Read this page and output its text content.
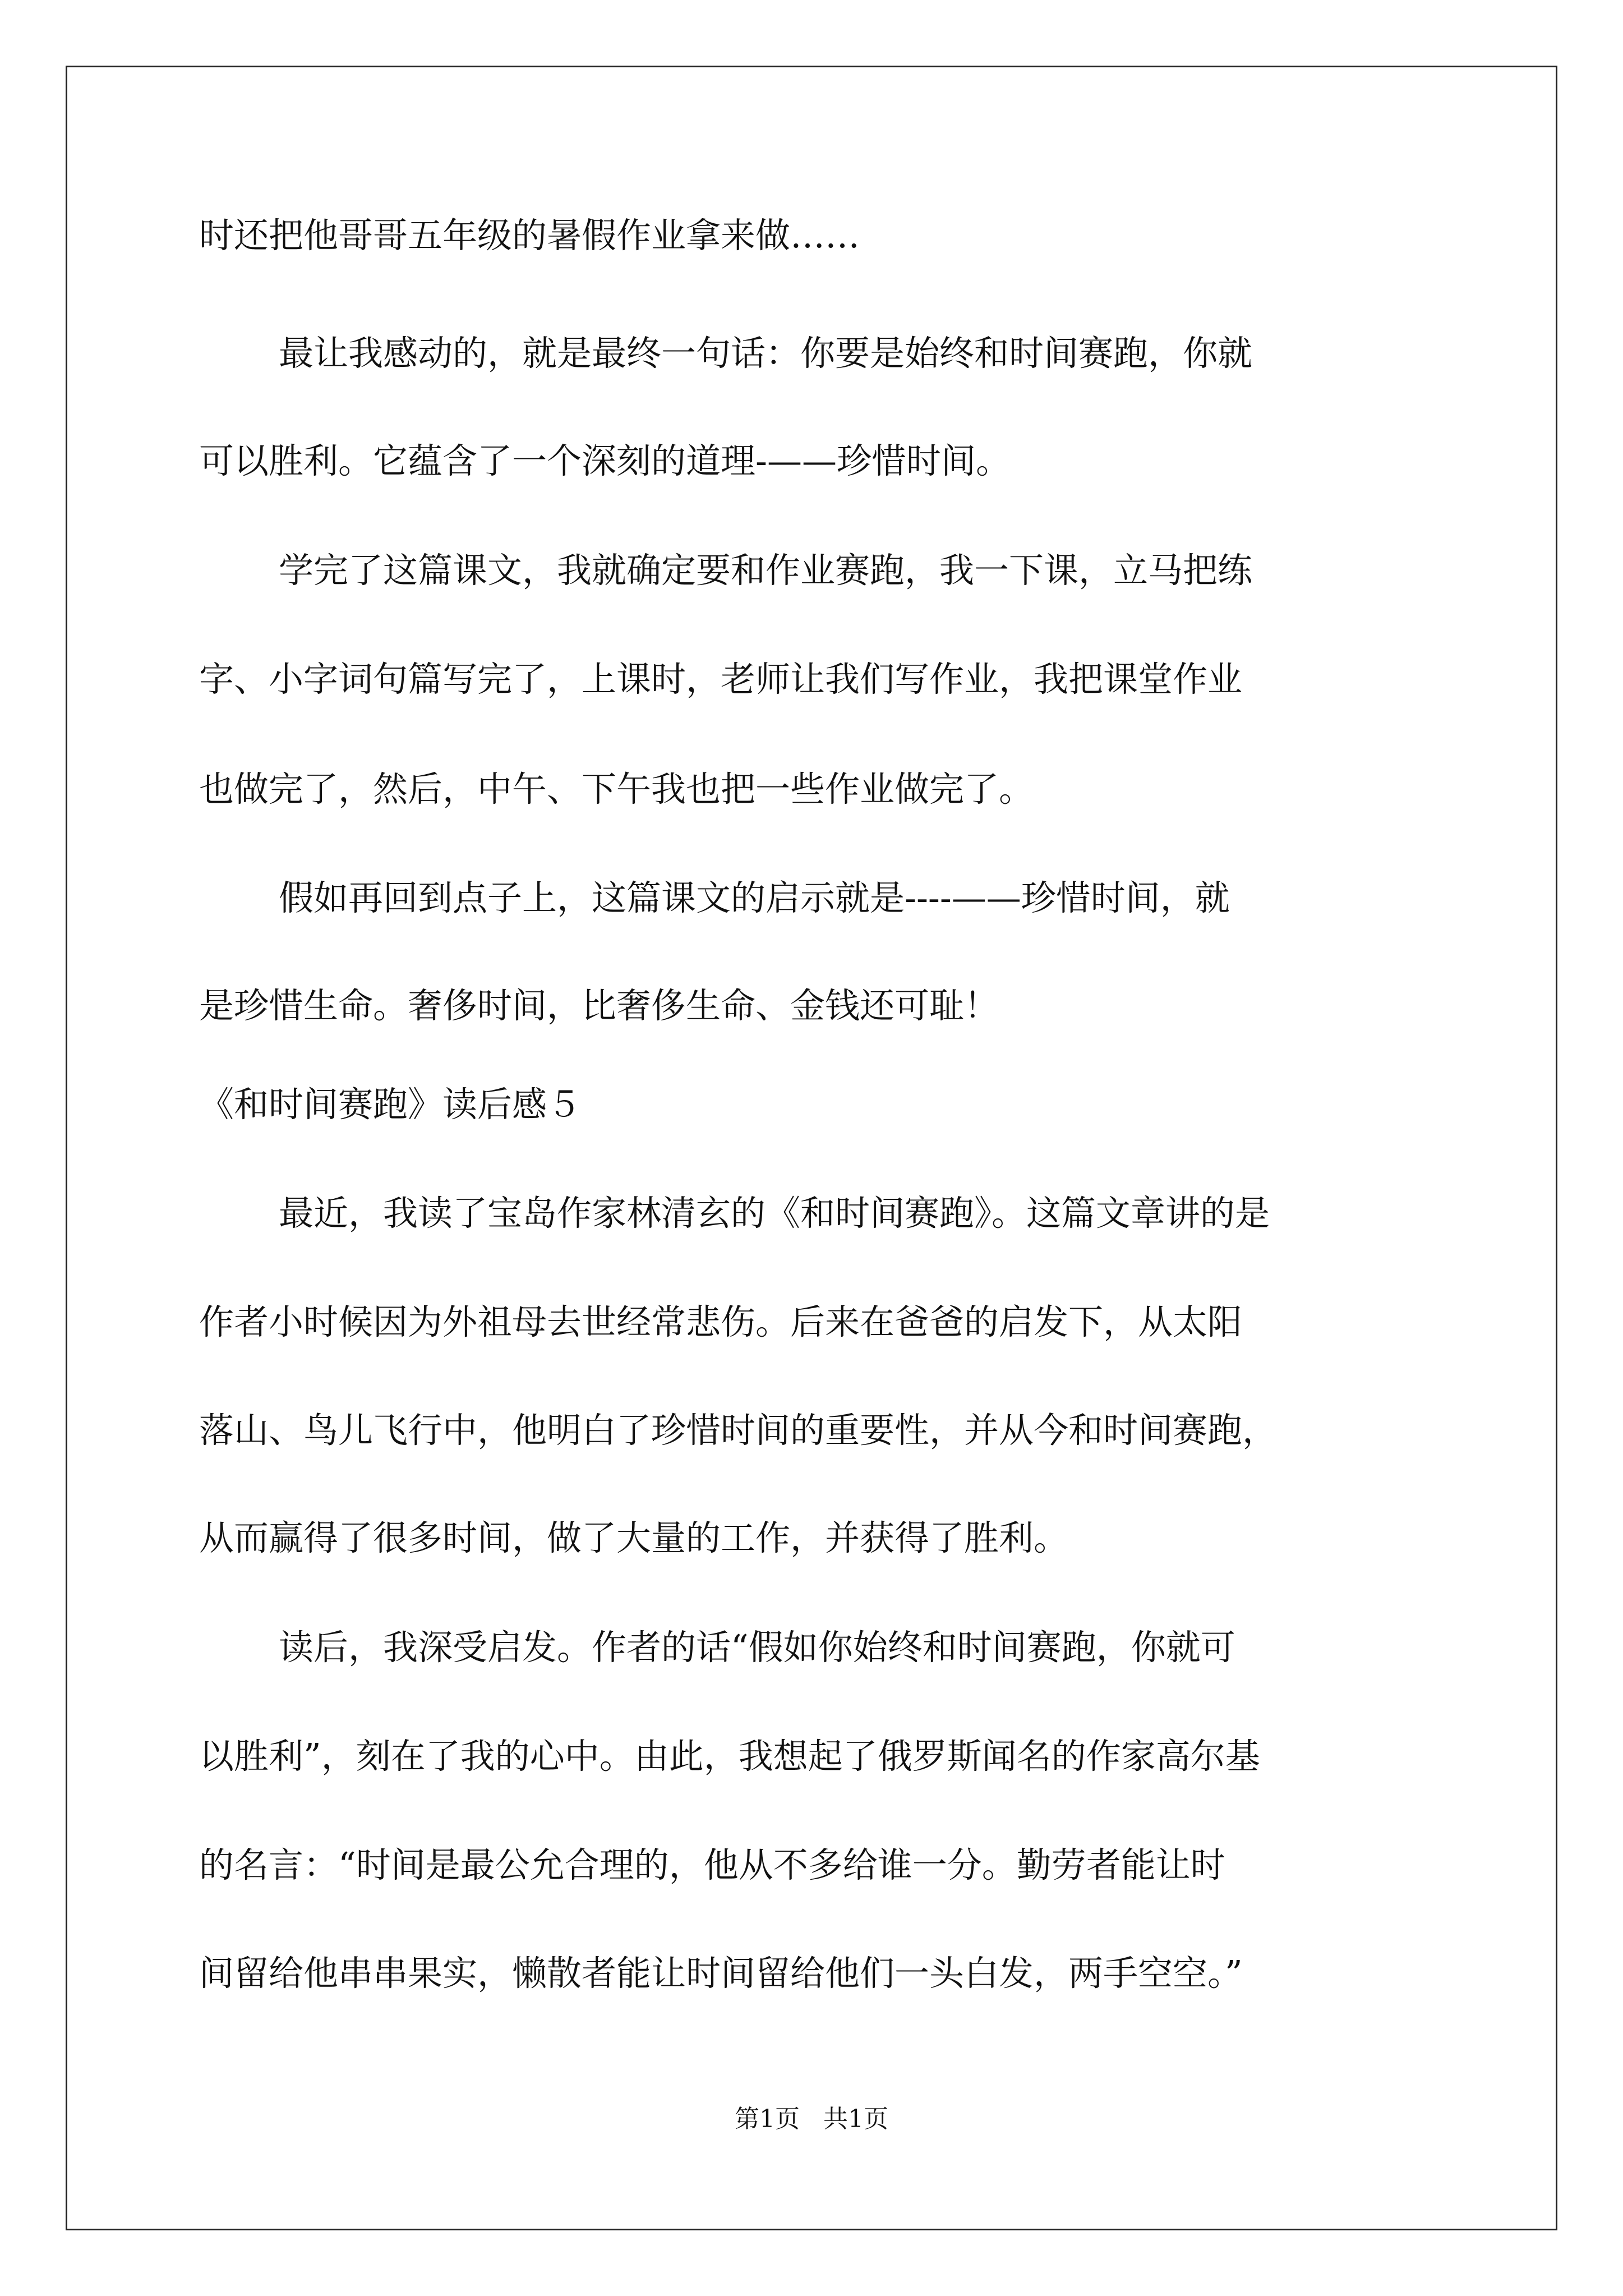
时还把他哥哥五年级的暑假作业拿来做……
最让我感动的，就是最终一句话：你要是始终和时间赛跑，你就
可以胜利。它蕴含了一个深刻的道理-——珍惜时间。
学完了这篇课文，我就确定要和作业赛跑，我一下课，立马把练
字、小字词句篇写完了，上课时，老师让我们写作业，我把课堂作业
也做完了，然后，中午、下午我也把一些作业做完了。
假如再回到点子上，这篇课文的启示就是----——珍惜时间，就
是珍惜生命。奢侈时间，比奢侈生命、金钱还可耻！
《和时间赛跑》读后感５
最近，我读了宝岛作家林清玄的《和时间赛跑》。这篇文章讲的是
作者小时候因为外祖母去世经常悲伤。后来在爸爸的启发下，从太阳
落山、鸟儿飞行中，他明白了珍惜时间的重要性，并从今和时间赛跑，
从而赢得了很多时间，做了大量的工作，并获得了胜利。
读后，我深受启发。作者的话“假如你始终和时间赛跑，你就可
以胜利”，刻在了我的心中。由此，我想起了俄罗斯闻名的作家高尔基
的名言：“时间是最公允合理的，他从不多给谁一分。勤劳者能让时
间留给他串串果实，懒散者能让时间留给他们一头白发，两手空空。”
第1页   共1页
